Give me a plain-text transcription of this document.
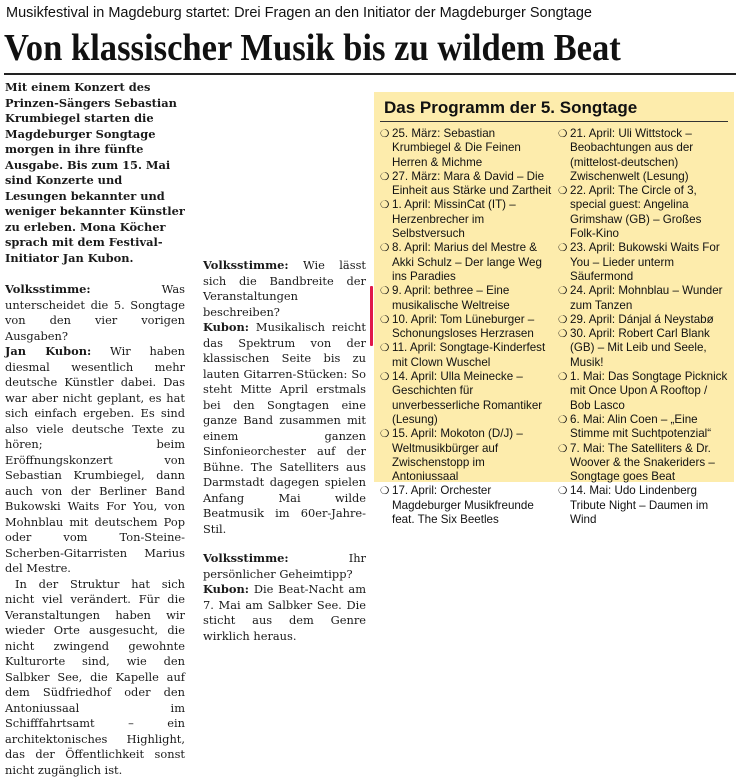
Musikfestival in Magdeburg startet: Drei Fragen an den Initiator der Magdeburger Songtage
Von klassischer Musik bis zu wildem Beat

Mit einem Konzert des Prinzen-Sängers Sebastian Krumbiegel starten die Magdeburger Songtage morgen in ihre fünfte Ausgabe. Bis zum 15. Mai sind Konzerte und Lesungen bekannter und weniger bekannter Künstler zu erleben. Mona Köcher sprach mit dem Festival-Initiator Jan Kubon.

Volksstimme: Was unterscheidet die 5. Songtage von den vier vorigen Ausgaben?

Jan Kubon: Wir haben diesmal wesentlich mehr deutsche Künstler dabei. Das war aber nicht geplant, es hat sich einfach ergeben. Es sind also viele deutsche Texte zu hören; beim Eröffnungskonzert von Sebastian Krumbiegel, dann auch von der Berliner Band Bukowski Waits For You, von Mohnblau mit deutschem Pop oder vom Ton-Steine-Scherben-Gitarristen Marius del Mestre.

In der Struktur hat sich nicht viel verändert. Für die Veranstaltungen haben wir wieder Orte ausgesucht, die nicht zwingend gewohnte Kulturorte sind, wie den Salbker See, die Kapelle auf dem Südfriedhof oder den Antoniussaal im Schifffahrtsamt – ein architektonisches Highlight, das der Öffentlichkeit sonst nicht zugänglich ist.

Volksstimme: Wie lässt sich die Bandbreite der Veranstaltungen beschreiben?

Kubon: Musikalisch reicht das Spektrum von der klassischen Seite bis zu lauten Gitarren-Stücken: So steht Mitte April erstmals bei den Songtagen eine ganze Band zusammen mit einem ganzen Sinfonieorchester auf der Bühne. The Satelliters aus Darmstadt dagegen spielen Anfang Mai wilde Beatmusik im 60er-Jahre-Stil.

Volksstimme: Ihr persönlicher Geheimtipp?

Kubon: Die Beat-Nacht am 7. Mai am Salbker See. Die sticht aus dem Genre wirklich heraus.

Das Programm der 5. Songtage
❍ 25. März: Sebastian Krumbiegel & Die Feinen Herren & Michme
❍ 27. März: Mara & David – Die Einheit aus Stärke und Zartheit
❍ 1. April: MissinCat (IT) – Herzenbrecher im Selbstversuch
❍ 8. April: Marius del Mestre & Akki Schulz – Der lange Weg ins Paradies
❍ 9. April: bethree – Eine musikalische Weltreise
❍ 10. April: Tom Lüneburger – Schonungsloses Herzrasen
❍ 11. April: Songtage-Kinderfest mit Clown Wuschel
❍ 14. April: Ulla Meinecke – Geschichten für unverbesserliche Romantiker (Lesung)
❍ 15. April: Mokoton (D/J) – Weltmusikbürger auf Zwischenstopp im Antoniussaal
❍ 17. April: Orchester Magdeburger Musikfreunde feat. The Six Beetles
❍ 21. April: Uli Wittstock – Beobachtungen aus der (mittelost-deutschen) Zwischenwelt (Lesung)
❍ 22. April: The Circle of 3, special guest: Angelina Grimshaw (GB) – Großes Folk-Kino
❍ 23. April: Bukowski Waits For You – Lieder unterm Säufermond
❍ 24. April: Mohnblau – Wunder zum Tanzen
❍ 29. April: Dánjal á Neystabø
❍ 30. April: Robert Carl Blank (GB) – Mit Leib und Seele, Musik!
❍ 1. Mai: Das Songtage Picknick mit Once Upon A Rooftop / Bob Lasco
❍ 6. Mai: Alin Coen – „Eine Stimme mit Suchtpotenzial“
❍ 7. Mai: The Satelliters & Dr. Woover & the Snakeriders – Songtage goes Beat
❍ 14. Mai: Udo Lindenberg Tribute Night – Daumen im Wind
